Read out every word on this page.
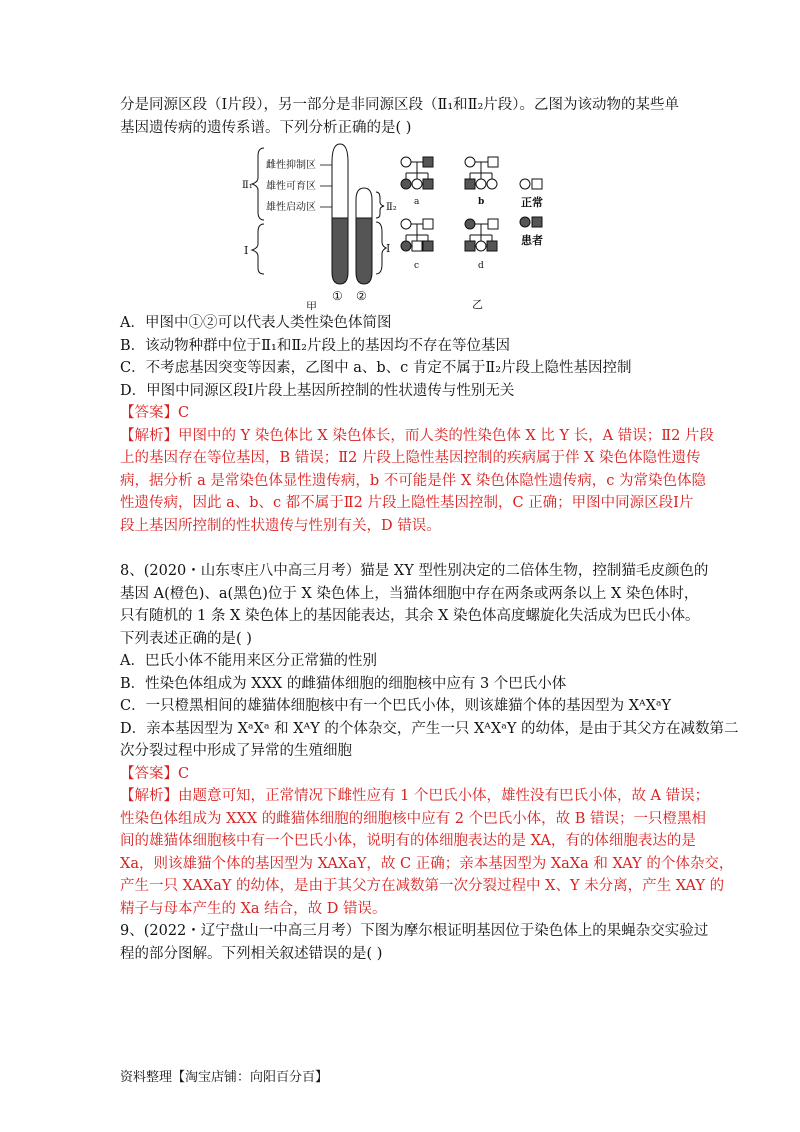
分是同源区段（Ⅰ片段），另一部分是非同源区段（Ⅱ₁和Ⅱ₂片段）。乙图为该动物的某些单
基因遗传病的遗传系谱。下列分析正确的是( )
Ⅱ₁
Ⅰ
雌性抑制区
雄性可育区
雄性启动区	Ⅱ₂
Ⅰ
① ②
甲
a	b
c	d
正常
患者
乙
A．甲图中①②可以代表人类性染色体简图
B．该动物种群中位于Ⅱ₁和Ⅱ₂片段上的基因均不存在等位基因
C．不考虑基因突变等因素，乙图中 a、b、c 肯定不属于Ⅱ₂片段上隐性基因控制
D．甲图中同源区段Ⅰ片段上基因所控制的性状遗传与性别无关
【答案】C
【解析】甲图中的 Y 染色体比 X 染色体长，而人类的性染色体 X 比 Y 长，A 错误；Ⅱ2 片段
上的基因存在等位基因，B 错误；Ⅱ2 片段上隐性基因控制的疾病属于伴 X 染色体隐性遗传
病，据分析 a 是常染色体显性遗传病，b 不可能是伴 X 染色体隐性遗传病，c 为常染色体隐
性遗传病，因此 a、b、c 都不属于Ⅱ2 片段上隐性基因控制，C 正确；甲图中同源区段Ⅰ片
段上基因所控制的性状遗传与性别有关，D 错误。
8、(2020・山东枣庄八中高三月考）猫是 XY 型性别决定的二倍体生物，控制猫毛皮颜色的
基因 A(橙色)、a(黑色)位于 X 染色体上，当猫体细胞中存在两条或两条以上 X 染色体时，
只有随机的 1 条 X 染色体上的基因能表达，其余 X 染色体高度螺旋化失活成为巴氏小体。
下列表述正确的是( )
A．巴氏小体不能用来区分正常猫的性别
B．性染色体组成为 XXX 的雌猫体细胞的细胞核中应有 3 个巴氏小体
C．一只橙黑相间的雄猫体细胞核中有一个巴氏小体，则该雄猫个体的基因型为 XᴬXᵃY
D．亲本基因型为 XᵃXᵃ 和 XᴬY 的个体杂交，产生一只 XᴬXᵃY 的幼体，是由于其父方在减数第二
次分裂过程中形成了异常的生殖细胞
【答案】C
【解析】由题意可知，正常情况下雌性应有 1 个巴氏小体，雄性没有巴氏小体，故 A 错误；
性染色体组成为 XXX 的雌猫体细胞的细胞核中应有 2 个巴氏小体，故 B 错误；一只橙黑相
间的雄猫体细胞核中有一个巴氏小体，说明有的体细胞表达的是 XA，有的体细胞表达的是
Xa，则该雄猫个体的基因型为 XAXaY，故 C 正确；亲本基因型为 XaXa 和 XAY 的个体杂交，
产生一只 XAXaY 的幼体，是由于其父方在减数第一次分裂过程中 X、Y 未分离，产生 XAY 的
精子与母本产生的 Xa 结合，故 D 错误。
9、(2022・辽宁盘山一中高三月考）下图为摩尔根证明基因位于染色体上的果蝇杂交实验过
程的部分图解。下列相关叙述错误的是( )
资料整理【淘宝店铺：向阳百分百】
